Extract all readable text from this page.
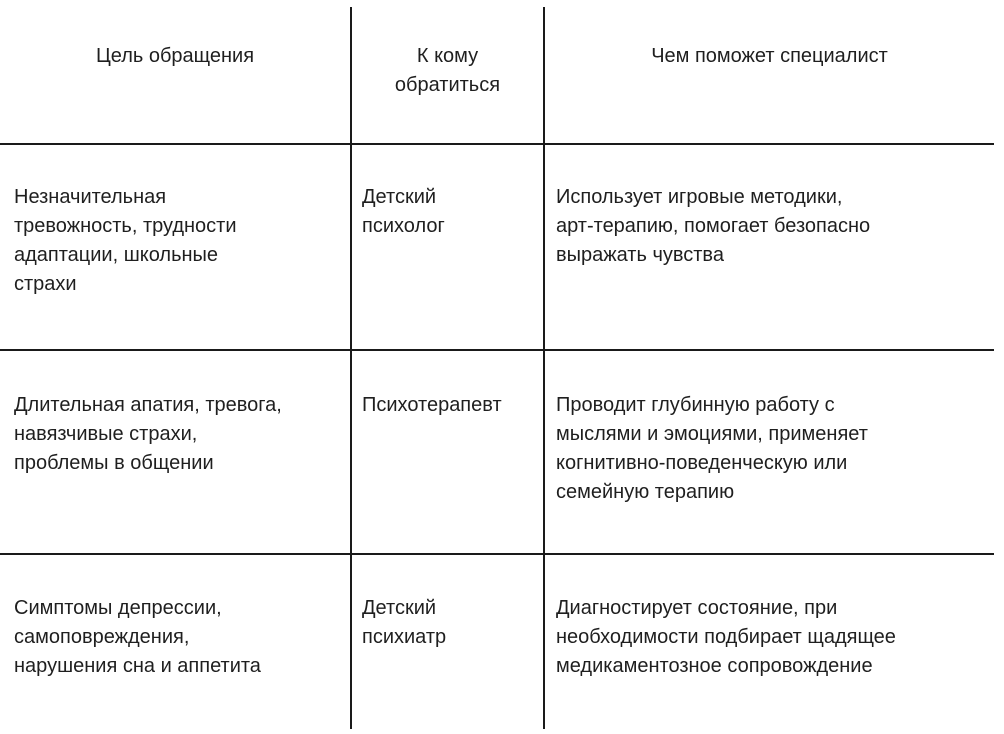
Цель обращения	К кому
обратиться
Чем поможет специалист
Незначительная
тревожность, трудности
адаптации, школьные
страхи
Детский
психолог
Использует игровые методики,
арт-терапию, помогает безопасно
выражать чувства
Длительная апатия, тревога,
навязчивые страхи,
проблемы в общении
Психотерапевт	Проводит глубинную работу с
мыслями и эмоциями, применяет
когнитивно-поведенческую или
семейную терапию
Симптомы депрессии,
самоповреждения,
нарушения сна и аппетита
Детский
психиатр
Диагностирует состояние, при
необходимости подбирает щадящее
медикаментозное сопровождение
